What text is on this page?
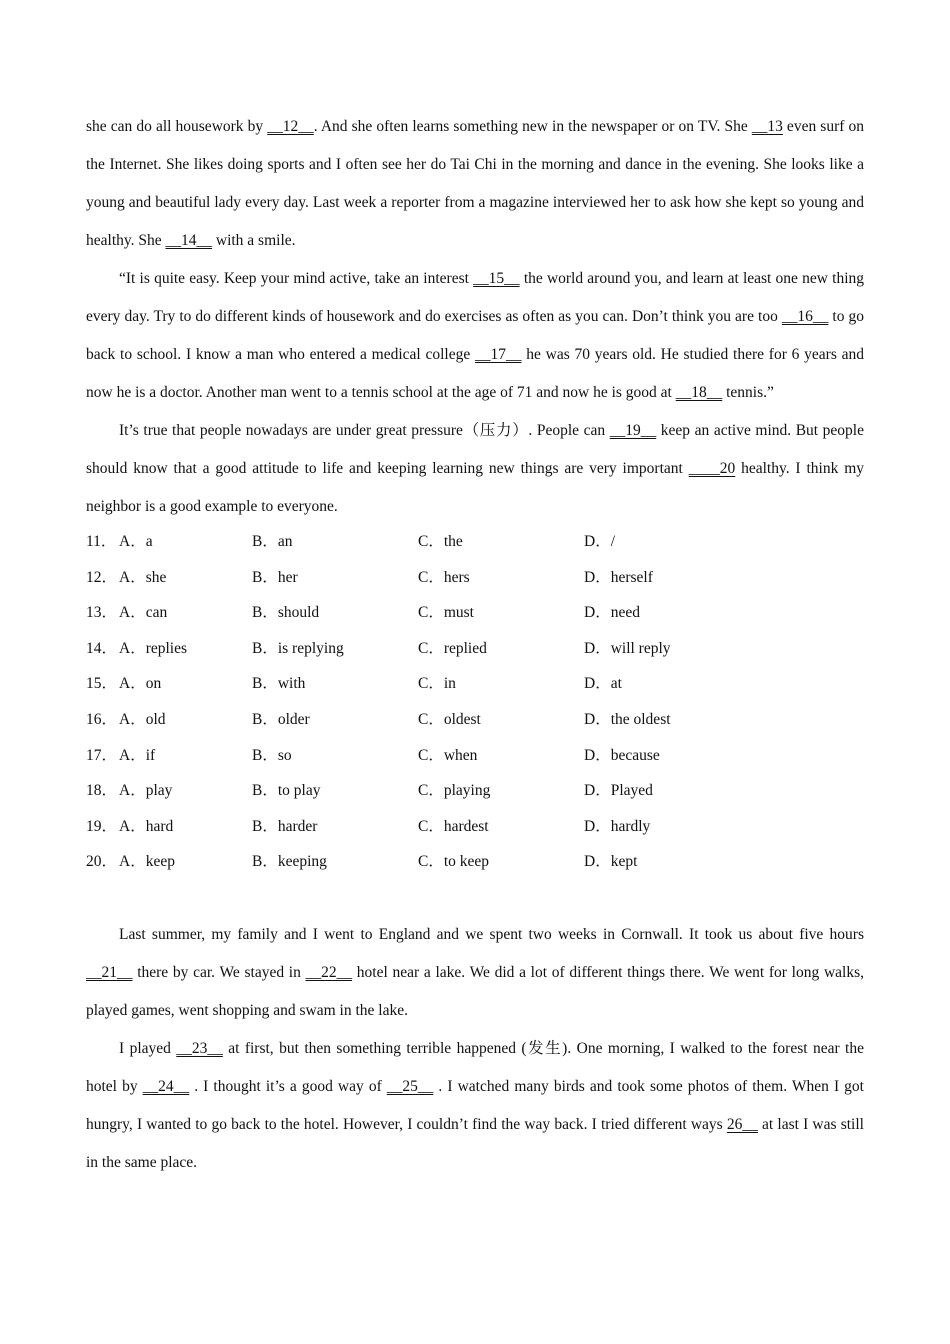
she can do all housework by __12__. And she often learns something new in the newspaper or on TV. She __13 even surf on the Internet. She likes doing sports and I often see her do Tai Chi in the morning and dance in the evening. She looks like a young and beautiful lady every day. Last week a reporter from a magazine interviewed her to ask how she kept so young and healthy. She __14__ with a smile.

“It is quite easy. Keep your mind active, take an interest __15__ the world around you, and learn at least one new thing every day. Try to do different kinds of housework and do exercises as often as you can. Don’t think you are too __16__ to go back to school. I know a man who entered a medical college __17__ he was 70 years old. He studied there for 6 years and now he is a doctor. Another man went to a tennis school at the age of 71 and now he is good at __18__ tennis.”

It’s true that people nowadays are under great pressure（压力）. People can __19__ keep an active mind. But people should know that a good attitude to life and keeping learning new things are very important ____20 healthy. I think my neighbor is a good example to everyone.

11． A．a	B．an	C．the	D．/
12． A．she	B．her	C．hers	D．herself
13． A．can	B．should	C．must	D．need
14． A．replies	B．is replying	C．replied	D．will reply
15． A．on	B．with	C．in	D．at
16． A．old	B．older	C．oldest	D．the oldest
17． A．if	B．so	C．when	D．because
18． A．play	B．to play	C．playing	D．Played
19． A．hard	B．harder	C．hardest	D．hardly
20． A．keep	B．keeping	C．to keep	D．kept

Last summer, my family and I went to England and we spent two weeks in Cornwall. It took us about five hours __21__ there by car. We stayed in __22__ hotel near a lake. We did a lot of different things there. We went for long walks, played games, went shopping and swam in the lake.

I played __23__ at first, but then something terrible happened (发生). One morning, I walked to the forest near the hotel by __24__ . I thought it’s a good way of __25__ . I watched many birds and took some photos of them. When I got hungry, I wanted to go back to the hotel. However, I couldn’t find the way back. I tried different ways 26__ at last I was still in the same place.
